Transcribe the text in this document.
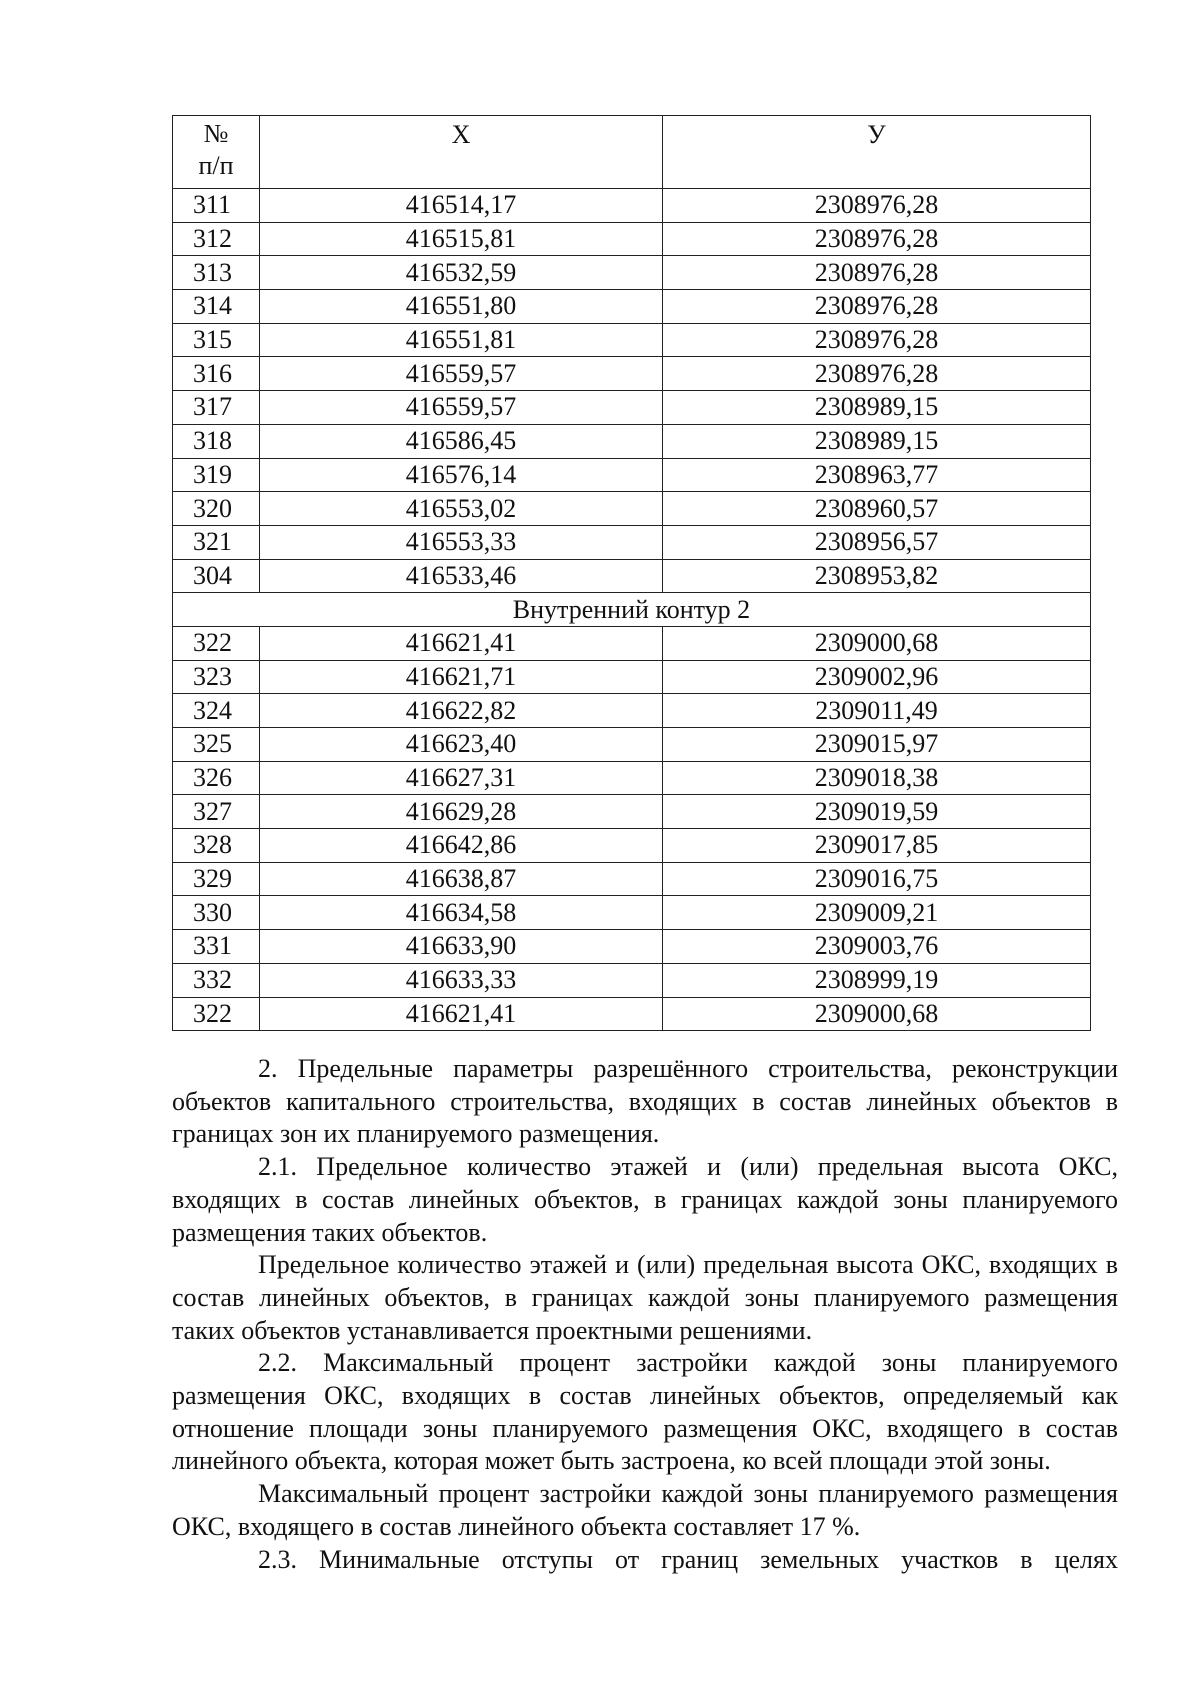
№
п/п	Х	У
311	416514,17	2308976,28
312	416515,81	2308976,28
313	416532,59	2308976,28
314	416551,80	2308976,28
315	416551,81	2308976,28
316	416559,57	2308976,28
317	416559,57	2308989,15
318	416586,45	2308989,15
319	416576,14	2308963,77
320	416553,02	2308960,57
321	416553,33	2308956,57
304	416533,46	2308953,82
Внутренний контур 2		
322	416621,41	2309000,68
323	416621,71	2309002,96
324	416622,82	2309011,49
325	416623,40	2309015,97
326	416627,31	2309018,38
327	416629,28	2309019,59
328	416642,86	2309017,85
329	416638,87	2309016,75
330	416634,58	2309009,21
331	416633,90	2309003,76
332	416633,33	2308999,19
322	416621,41	2309000,68

2. Предельные параметры разрешённого строительства, реконструкции объектов капитального строительства, входящих в состав линейных объектов в границах зон их планируемого размещения.

2.1. Предельное количество этажей и (или) предельная высота ОКС, входящих в состав линейных объектов, в границах каждой зоны планируемого размещения таких объектов.

Предельное количество этажей и (или) предельная высота ОКС, входящих в состав линейных объектов, в границах каждой зоны планируемого размещения таких объектов устанавливается проектными решениями.

2.2. Максимальный процент застройки каждой зоны планируемого размещения ОКС, входящих в состав линейных объектов, определяемый как отношение площади зоны планируемого размещения ОКС, входящего в состав линейного объекта, которая может быть застроена, ко всей площади этой зоны.

Максимальный процент застройки каждой зоны планируемого размещения ОКС, входящего в состав линейного объекта составляет 17 %.

2.3. Минимальные отступы от границ земельных участков в целях
